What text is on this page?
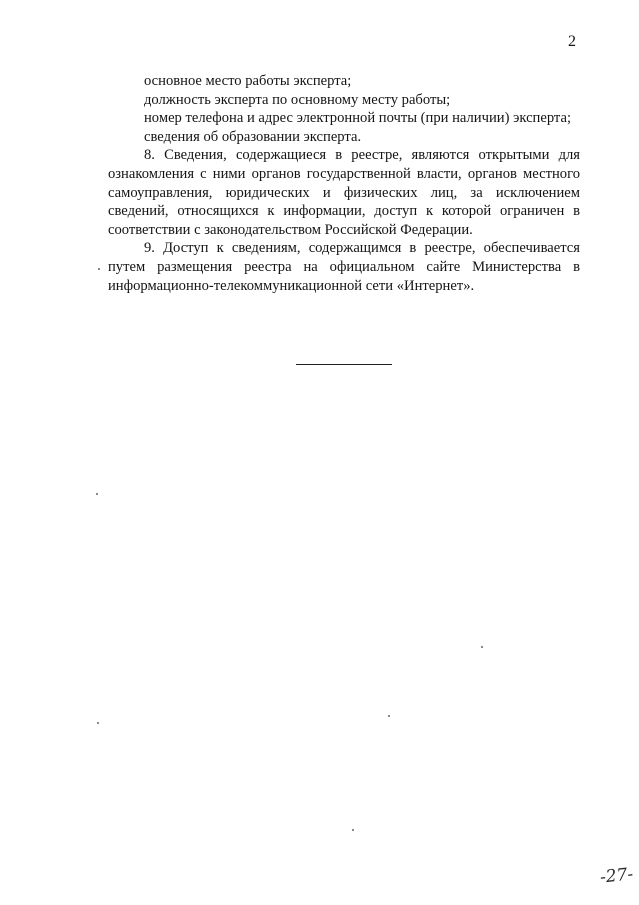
2

основное место работы эксперта;

должность эксперта по основному месту работы;

номер телефона и адрес электронной почты (при наличии) эксперта;

сведения об образовании эксперта.

8. Сведения, содержащиеся в реестре, являются открытыми для ознакомления с ними органов государственной власти, органов местного самоуправления, юридических и физических лиц, за исключением сведений, относящихся к информации, доступ к которой ограничен в соответствии с законодательством Российской Федерации.

9. Доступ к сведениям, содержащимся в реестре, обеспечивается путем размещения реестра на официальном сайте Министерства в информационно-телекоммуникационной сети «Интернет».

-27-
